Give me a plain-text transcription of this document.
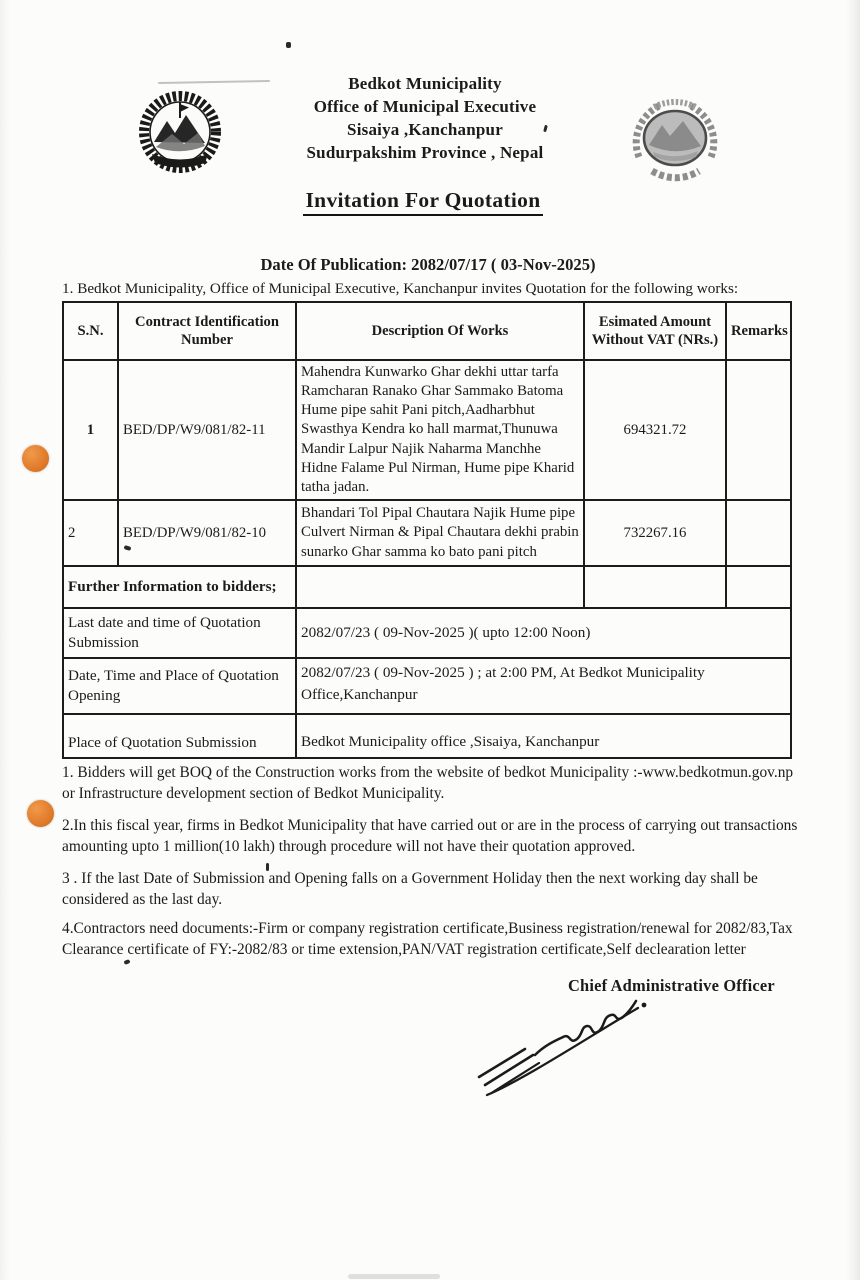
Bedkot Municipality
Office of Municipal Executive
Sisaiya ,Kanchanpur
Sudurpakshim Province , Nepal
Invitation For Quotation
Date Of Publication: 2082/07/17 ( 03-Nov-2025)
1. Bedkot Municipality, Office of Municipal Executive, Kanchanpur invites Quotation for the following works:
S.N.	Contract Identification Number	Description Of Works	Esimated Amount Without VAT (NRs.)	Remarks
1	BED/DP/W9/081/82-11	Mahendra Kunwarko Ghar dekhi uttar tarfa Ramcharan Ranako Ghar Sammako Batoma Hume pipe sahit Pani pitch,Aadharbhut Swasthya Kendra ko hall marmat,Thunuwa Mandir Lalpur Najik Naharma Manchhe Hidne Falame Pul Nirman, Hume pipe Kharid tatha jadan.	694321.72	
2	BED/DP/W9/081/82-10	Bhandari Tol Pipal Chautara Najik Hume pipe Culvert Nirman & Pipal Chautara dekhi prabin sunarko Ghar samma ko bato pani pitch	732267.16	
Further Information to bidders;				
Last date and time of Quotation Submission		2082/07/23 ( 09-Nov-2025 )( upto 12:00 Noon)		
Date, Time and Place of Quotation Opening		2082/07/23 ( 09-Nov-2025 ) ; at 2:00 PM, At Bedkot Municipality Office,Kanchanpur		
Place of Quotation Submission		Bedkot Municipality office ,Sisaiya, Kanchanpur		
1. Bidders will get BOQ of the Construction works from the website of bedkot Municipality :-www.bedkotmun.gov.np or Infrastructure development section of Bedkot Municipality.
2.In this fiscal year, firms in Bedkot Municipality that have carried out or are in the process of carrying out transactions amounting upto 1 million(10 lakh) through procedure will not have their quotation approved.
3 . If the last Date of Submission and Opening falls on a Government Holiday then the next working day shall be considered as the last day.
4.Contractors need documents:-Firm or company registration certificate,Business registration/renewal for 2082/83,Tax Clearance certificate of FY:-2082/83 or time extension,PAN/VAT registration certificate,Self declearation letter
Chief Administrative Officer
